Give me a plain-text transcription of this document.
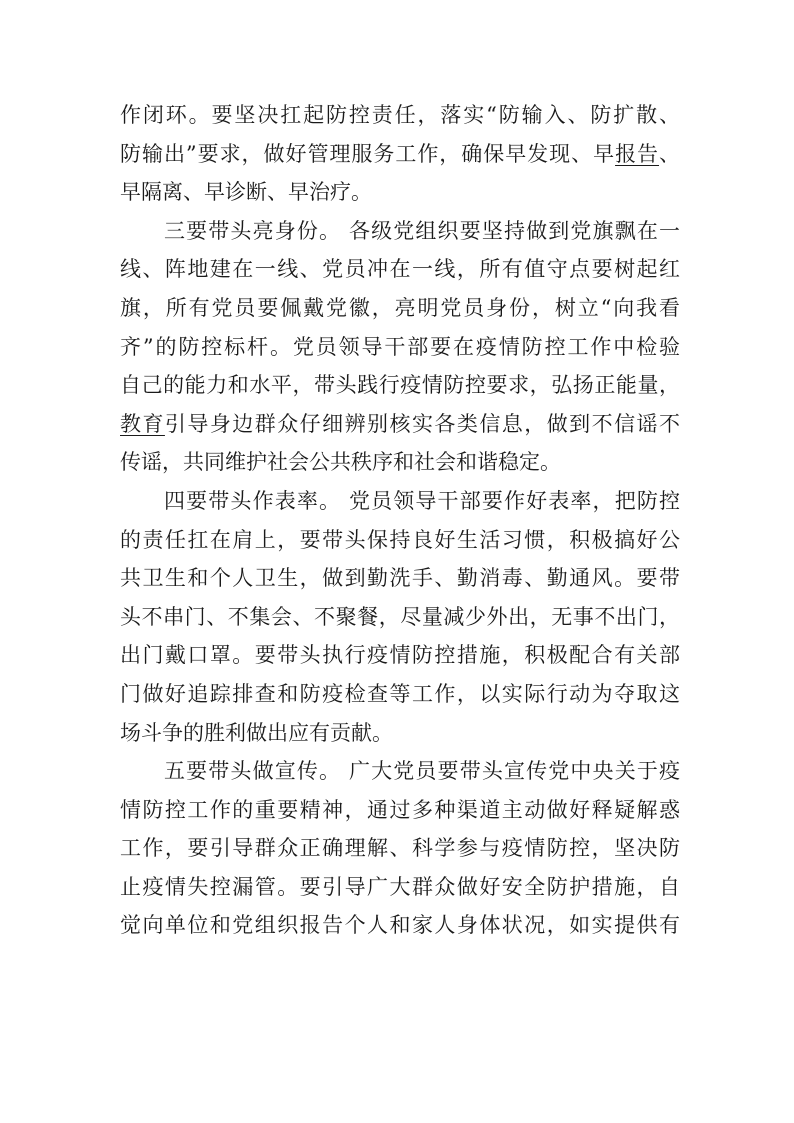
作闭环。要坚决扛起防控责任，落实“防输入、防扩散、
防输出”要求，做好管理服务工作，确保早发现、早报告、
早隔离、早诊断、早治疗。
三要带头亮身份。 各级党组织要坚持做到党旗飘在一
线、阵地建在一线、党员冲在一线，所有值守点要树起红
旗，所有党员要佩戴党徽，亮明党员身份，树立“向我看
齐”的防控标杆。党员领导干部要在疫情防控工作中检验
自己的能力和水平，带头践行疫情防控要求，弘扬正能量，
教育引导身边群众仔细辨别核实各类信息，做到不信谣不
传谣，共同维护社会公共秩序和社会和谐稳定。
四要带头作表率。 党员领导干部要作好表率，把防控
的责任扛在肩上，要带头保持良好生活习惯，积极搞好公
共卫生和个人卫生，做到勤洗手、勤消毒、勤通风。要带
头不串门、不集会、不聚餐，尽量减少外出，无事不出门，
出门戴口罩。要带头执行疫情防控措施，积极配合有关部
门做好追踪排查和防疫检查等工作，以实际行动为夺取这
场斗争的胜利做出应有贡献。
五要带头做宣传。 广大党员要带头宣传党中央关于疫
情防控工作的重要精神，通过多种渠道主动做好释疑解惑
工作，要引导群众正确理解、科学参与疫情防控，坚决防
止疫情失控漏管。要引导广大群众做好安全防护措施，自
觉向单位和党组织报告个人和家人身体状况，如实提供有
